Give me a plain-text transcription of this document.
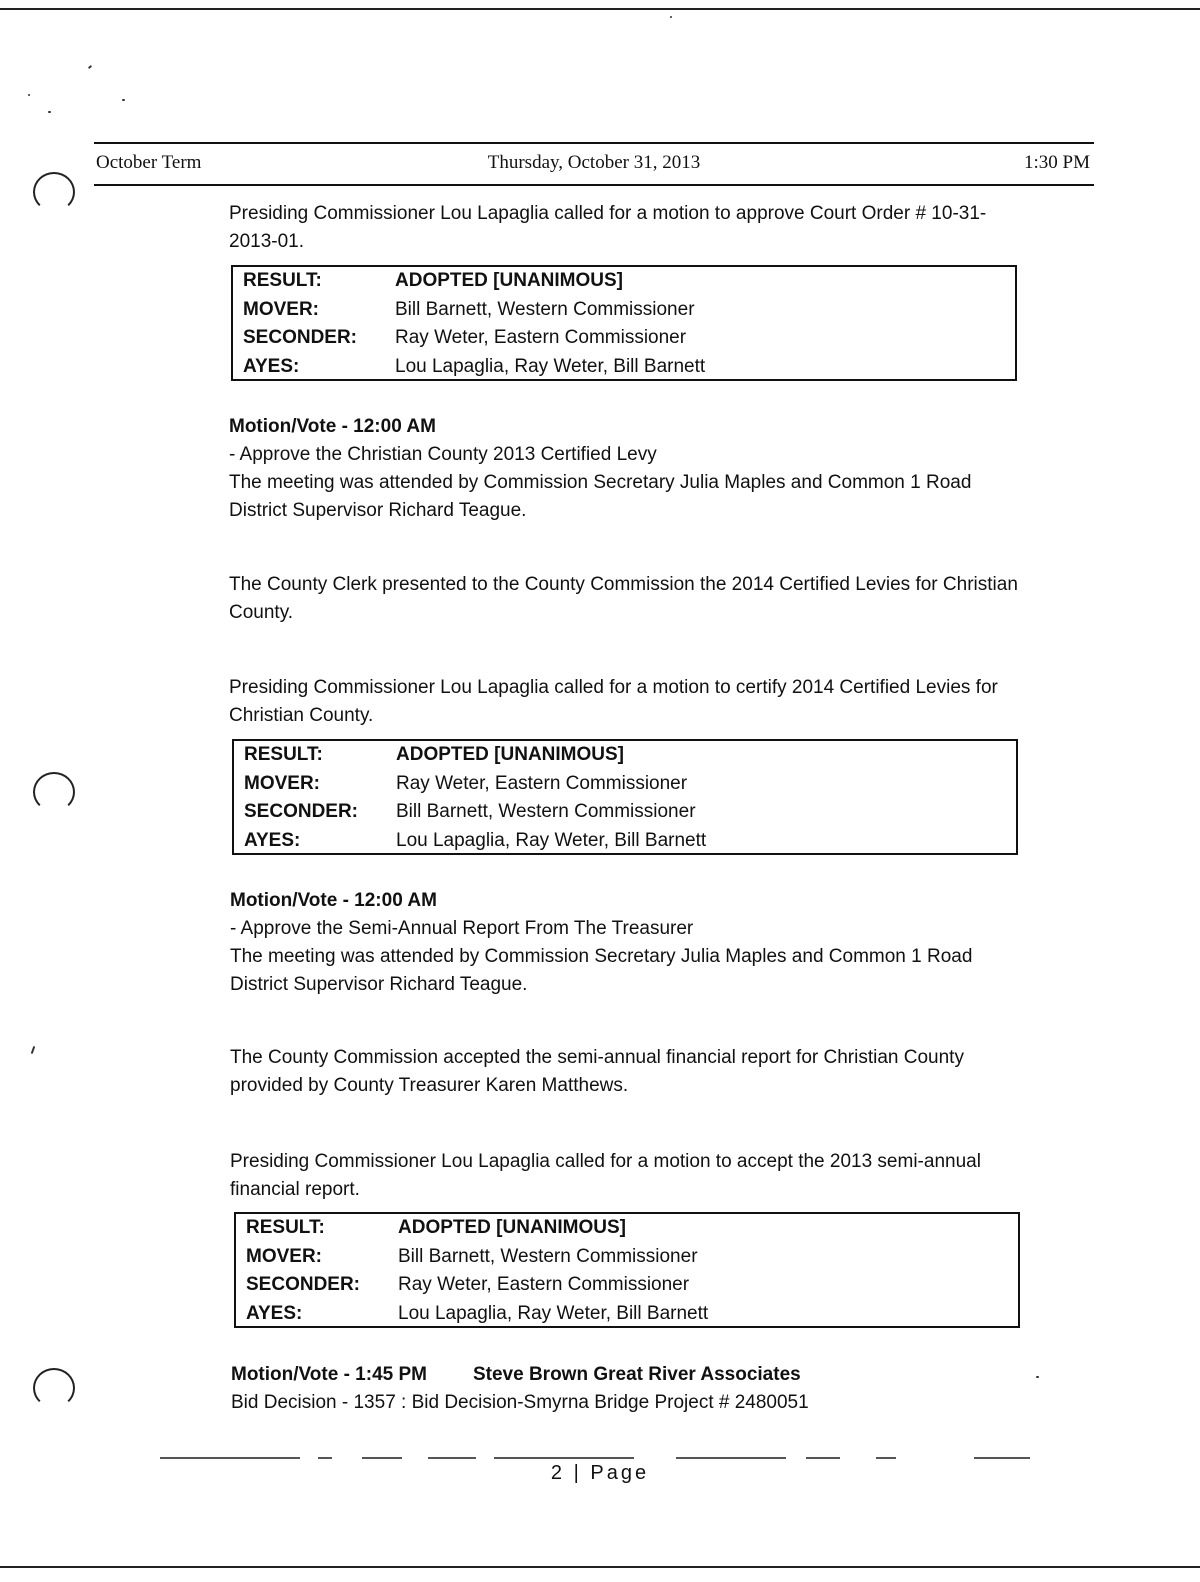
October Term	Thursday, October 31, 2013	1:30 PM

Presiding Commissioner Lou Lapaglia called for a motion to approve Court Order # 10-31-2013-01.

RESULT:	ADOPTED [UNANIMOUS]
MOVER:	Bill Barnett, Western Commissioner
SECONDER: Ray Weter, Eastern Commissioner
AYES:	Lou Lapaglia, Ray Weter, Bill Barnett

Motion/Vote - 12:00 AM

- Approve the Christian County 2013 Certified Levy

The meeting was attended by Commission Secretary Julia Maples and Common 1 Road District Supervisor Richard Teague.

The County Clerk presented to the County Commission the 2014 Certified Levies for Christian County.

Presiding Commissioner Lou Lapaglia called for a motion to certify 2014 Certified Levies for Christian County.

RESULT:	ADOPTED [UNANIMOUS]
MOVER:	Ray Weter, Eastern Commissioner
SECONDER: Bill Barnett, Western Commissioner
AYES:	Lou Lapaglia, Ray Weter, Bill Barnett

Motion/Vote - 12:00 AM

- Approve the Semi-Annual Report From The Treasurer

The meeting was attended by Commission Secretary Julia Maples and Common 1 Road District Supervisor Richard Teague.

The County Commission accepted the semi-annual financial report for Christian County provided by County Treasurer Karen Matthews.

Presiding Commissioner Lou Lapaglia called for a motion to accept the 2013 semi-annual financial report.

RESULT:	ADOPTED [UNANIMOUS]
MOVER:	Bill Barnett, Western Commissioner
SECONDER: Ray Weter, Eastern Commissioner
AYES:	Lou Lapaglia, Ray Weter, Bill Barnett

Motion/Vote - 1:45 PM Steve Brown Great River Associates

Bid Decision - 1357 : Bid Decision-Smyrna Bridge Project # 2480051

2 | Page
